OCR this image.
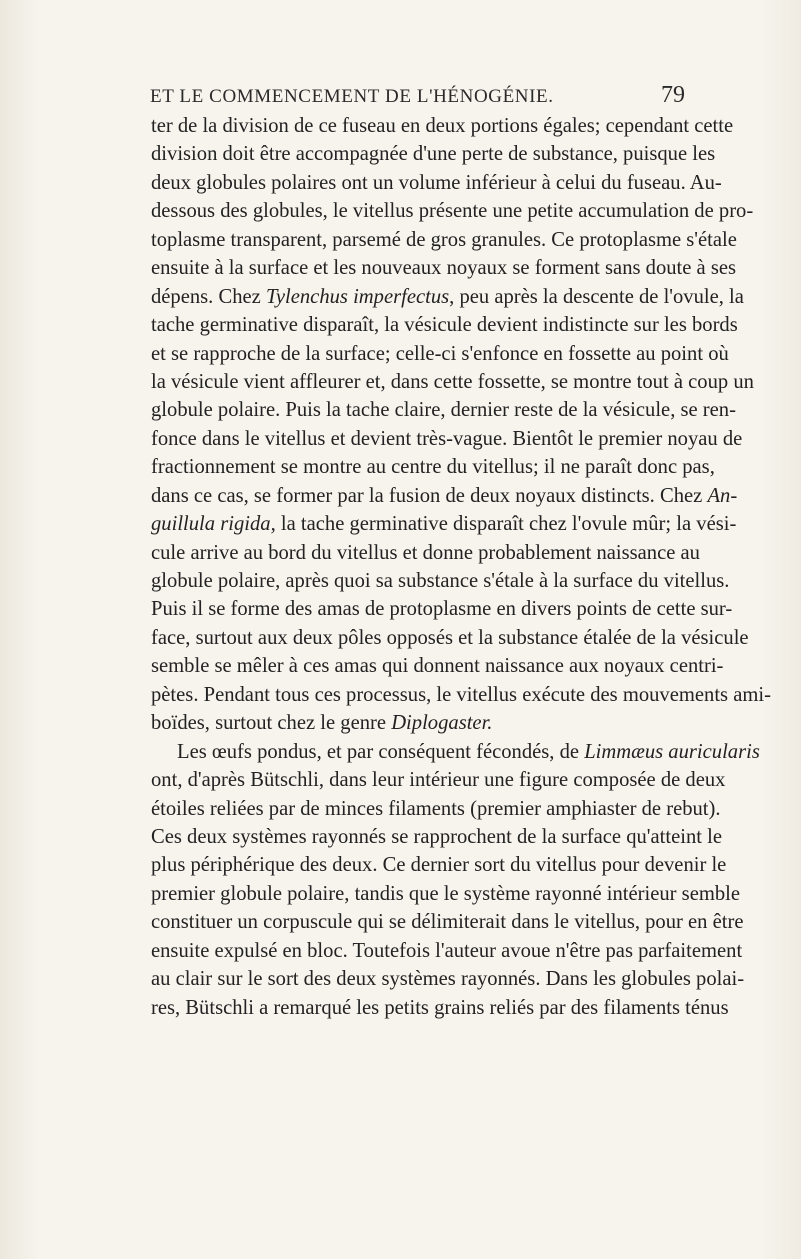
ET LE COMMENCEMENT DE L'HÉNOGÉNIE.	79
ter de la division de ce fuseau en deux portions égales; cependant cette
division doit être accompagnée d'une perte de substance, puisque les
deux globules polaires ont un volume inférieur à celui du fuseau. Au-
dessous des globules, le vitellus présente une petite accumulation de pro-
toplasme transparent, parsemé de gros granules. Ce protoplasme s'étale
ensuite à la surface et les nouveaux noyaux se forment sans doute à ses
dépens. Chez Tylenchus imperfectus, peu après la descente de l'ovule, la
tache germinative disparaît, la vésicule devient indistincte sur les bords
et se rapproche de la surface; celle-ci s'enfonce en fossette au point où
la vésicule vient affleurer et, dans cette fossette, se montre tout à coup un
globule polaire. Puis la tache claire, dernier reste de la vésicule, se ren-
fonce dans le vitellus et devient très-vague. Bientôt le premier noyau de
fractionnement se montre au centre du vitellus; il ne paraît donc pas,
dans ce cas, se former par la fusion de deux noyaux distincts. Chez An-
guillula rigida, la tache germinative disparaît chez l'ovule mûr; la vési-
cule arrive au bord du vitellus et donne probablement naissance au
globule polaire, après quoi sa substance s'étale à la surface du vitellus.
Puis il se forme des amas de protoplasme en divers points de cette sur-
face, surtout aux deux pôles opposés et la substance étalée de la vésicule
semble se mêler à ces amas qui donnent naissance aux noyaux centri-
pètes. Pendant tous ces processus, le vitellus exécute des mouvements ami-
boïdes, surtout chez le genre Diplogaster.
Les œufs pondus, et par conséquent fécondés, de Limmæus auricularis
ont, d'après Bütschli, dans leur intérieur une figure composée de deux
étoiles reliées par de minces filaments (premier amphiaster de rebut).
Ces deux systèmes rayonnés se rapprochent de la surface qu'atteint le
plus périphérique des deux. Ce dernier sort du vitellus pour devenir le
premier globule polaire, tandis que le système rayonné intérieur semble
constituer un corpuscule qui se délimiterait dans le vitellus, pour en être
ensuite expulsé en bloc. Toutefois l'auteur avoue n'être pas parfaitement
au clair sur le sort des deux systèmes rayonnés. Dans les globules polai-
res, Bütschli a remarqué les petits grains reliés par des filaments ténus
